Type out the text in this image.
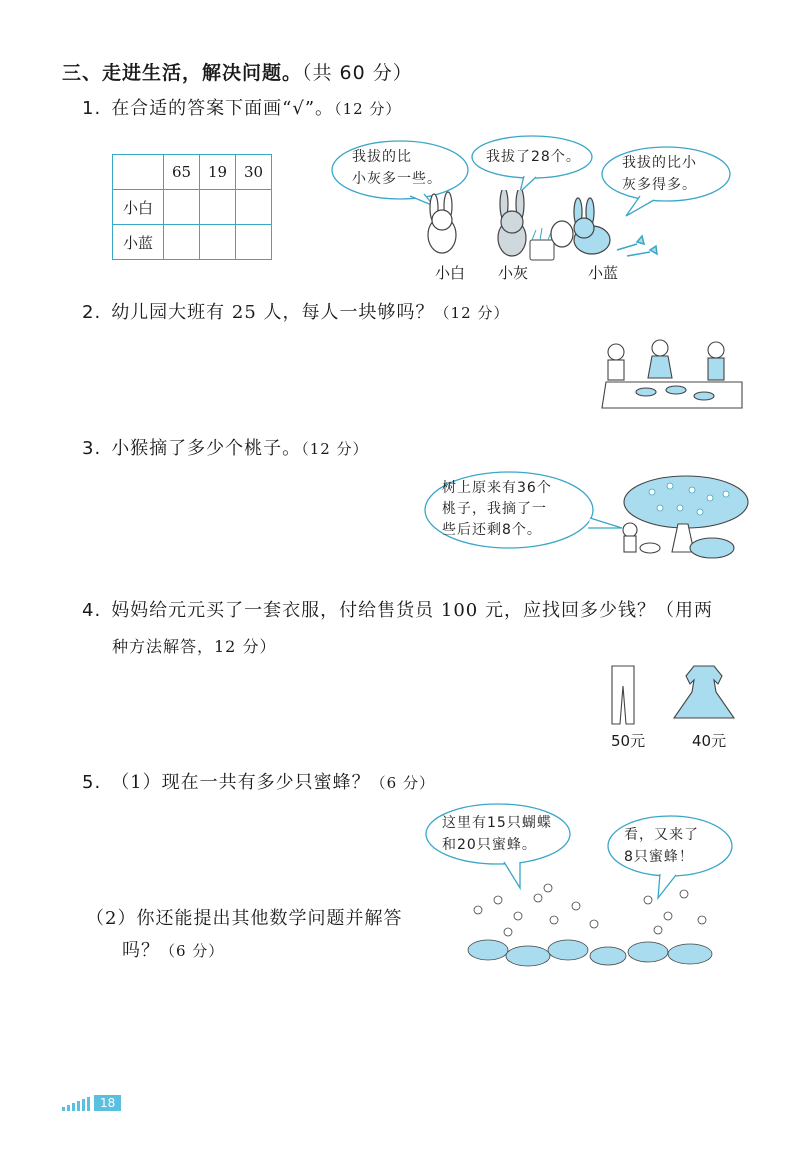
三、走进生活，解决问题。（共 60 分）
1. 在合适的答案下面画“√”。（12 分）
	65	19	30
小白			
小蓝			
我拔的比
小灰多一些。
我拔了28个。	我拔的比小
灰多得多。
小白 小灰	小蓝
2. 幼儿园大班有 25 人，每人一块够吗？（12 分）
3. 小猴摘了多少个桃子。（12 分）
树上原来有36个
桃子，我摘了一
些后还剩8个。
4. 妈妈给元元买了一套衣服，付给售货员 100 元，应找回多少钱？（用两
种方法解答，12 分）
50元	40元
5. （1）现在一共有多少只蜜蜂？（6 分）
（2）你还能提出其他数学问题并解答
吗？（6 分）
这里有15只蝴蝶
和20只蜜蜂。
看，又来了
8只蜜蜂！
18
